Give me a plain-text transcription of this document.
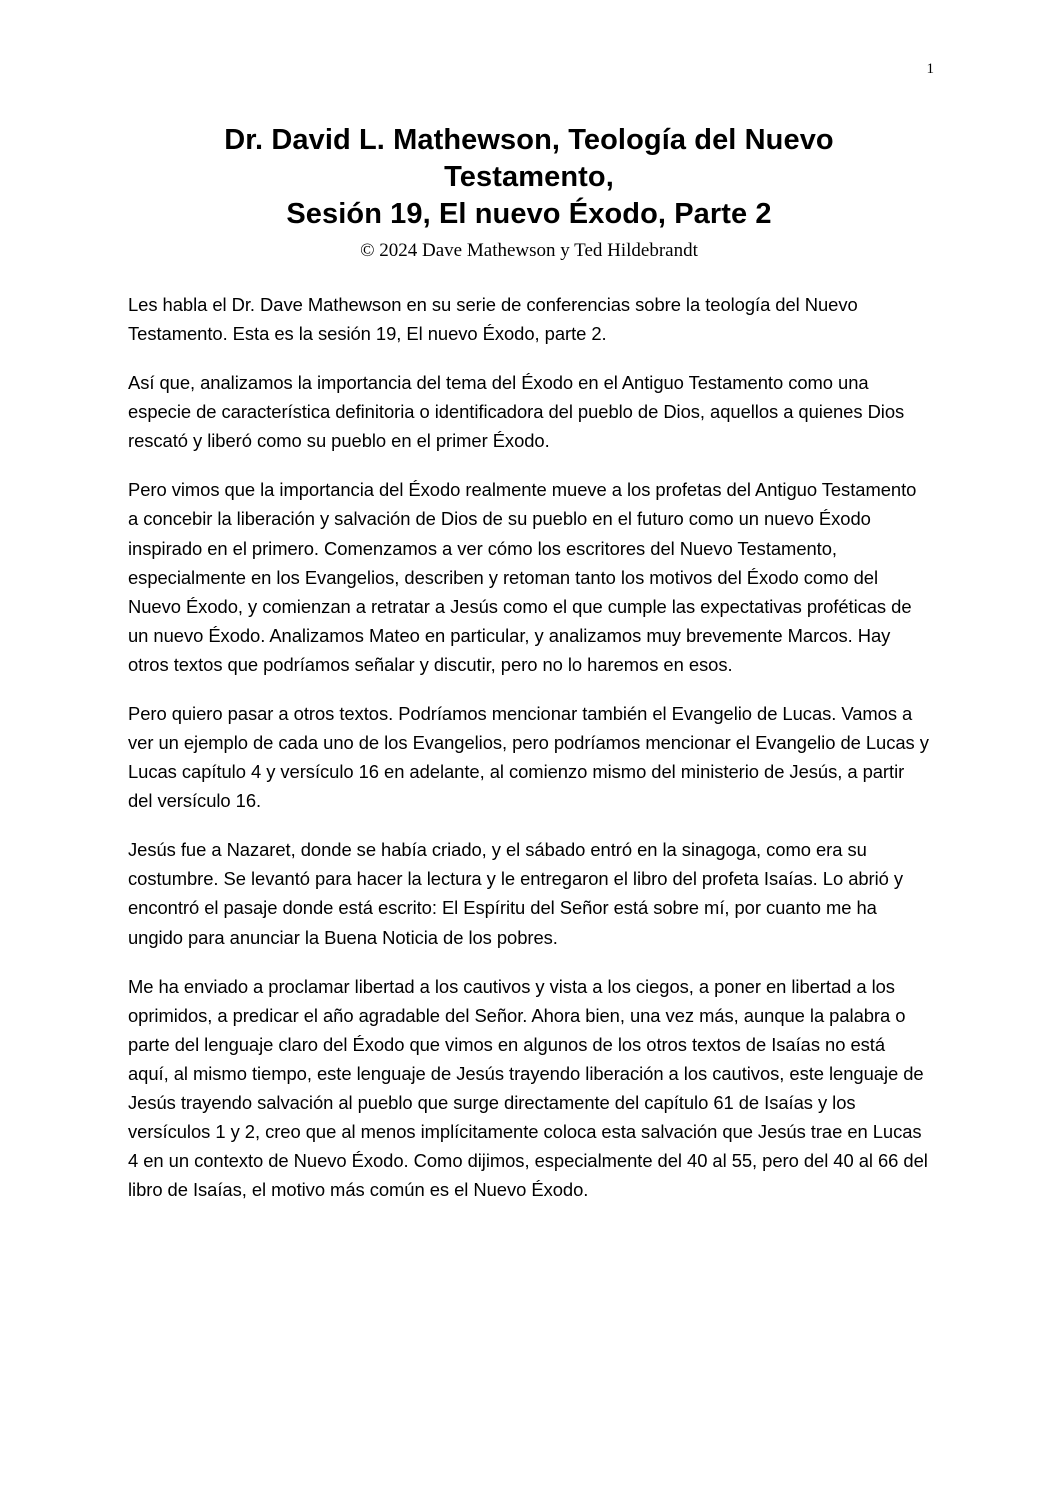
1
Dr. David L. Mathewson, Teología del Nuevo
Testamento,
Sesión 19, El nuevo Éxodo, Parte 2
© 2024 Dave Mathewson y Ted Hildebrandt

Les habla el Dr. Dave Mathewson en su serie de conferencias sobre la teología del Nuevo Testamento. Esta es la sesión 19, El nuevo Éxodo, parte 2.

Así que, analizamos la importancia del tema del Éxodo en el Antiguo Testamento como una especie de característica definitoria o identificadora del pueblo de Dios, aquellos a quienes Dios rescató y liberó como su pueblo en el primer Éxodo.

Pero vimos que la importancia del Éxodo realmente mueve a los profetas del Antiguo Testamento a concebir la liberación y salvación de Dios de su pueblo en el futuro como un nuevo Éxodo inspirado en el primero. Comenzamos a ver cómo los escritores del Nuevo Testamento, especialmente en los Evangelios, describen y retoman tanto los motivos del Éxodo como del Nuevo Éxodo, y comienzan a retratar a Jesús como el que cumple las expectativas proféticas de un nuevo Éxodo. Analizamos Mateo en particular, y analizamos muy brevemente Marcos. Hay otros textos que podríamos señalar y discutir, pero no lo haremos en esos.

Pero quiero pasar a otros textos. Podríamos mencionar también el Evangelio de Lucas. Vamos a ver un ejemplo de cada uno de los Evangelios, pero podríamos mencionar el Evangelio de Lucas y Lucas capítulo 4 y versículo 16 en adelante, al comienzo mismo del ministerio de Jesús, a partir del versículo 16.

Jesús fue a Nazaret, donde se había criado, y el sábado entró en la sinagoga, como era su costumbre. Se levantó para hacer la lectura y le entregaron el libro del profeta Isaías. Lo abrió y encontró el pasaje donde está escrito: El Espíritu del Señor está sobre mí, por cuanto me ha ungido para anunciar la Buena Noticia de los pobres.

Me ha enviado a proclamar libertad a los cautivos y vista a los ciegos, a poner en libertad a los oprimidos, a predicar el año agradable del Señor. Ahora bien, una vez más, aunque la palabra o parte del lenguaje claro del Éxodo que vimos en algunos de los otros textos de Isaías no está aquí, al mismo tiempo, este lenguaje de Jesús trayendo liberación a los cautivos, este lenguaje de Jesús trayendo salvación al pueblo que surge directamente del capítulo 61 de Isaías y los versículos 1 y 2, creo que al menos implícitamente coloca esta salvación que Jesús trae en Lucas 4 en un contexto de Nuevo Éxodo. Como dijimos, especialmente del 40 al 55, pero del 40 al 66 del libro de Isaías, el motivo más común es el Nuevo Éxodo.
